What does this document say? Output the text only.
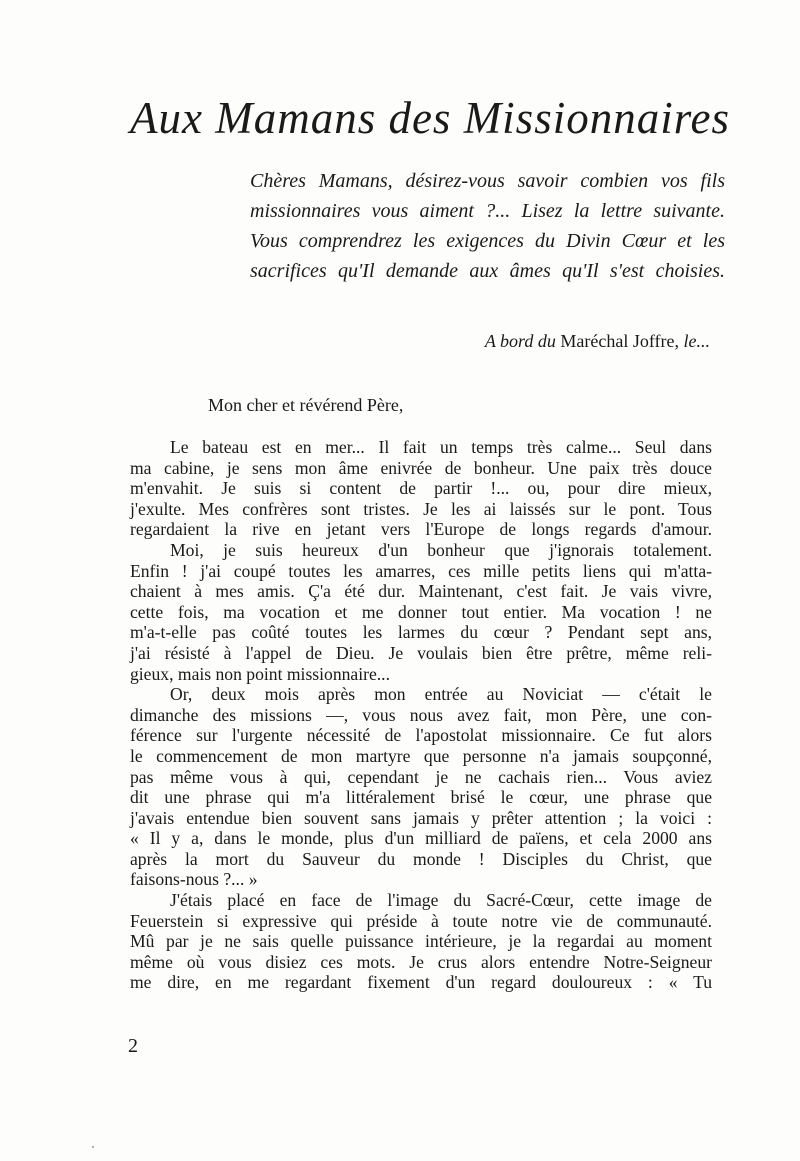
Aux Mamans des Missionnaires
Chères Mamans, désirez-vous savoir combien vos fils
missionnaires vous aiment ?... Lisez la lettre suivante.
Vous comprendrez les exigences du Divin Cœur et les
sacrifices qu'Il demande aux âmes qu'Il s'est choisies.
A bord du Maréchal Joffre, le...
Mon cher et révérend Père,

Le bateau est en mer... Il fait un temps très calme... Seul dans
ma cabine, je sens mon âme enivrée de bonheur. Une paix très douce
m'envahit. Je suis si content de partir !... ou, pour dire mieux,
j'exulte. Mes confrères sont tristes. Je les ai laissés sur le pont. Tous
regardaient la rive en jetant vers l'Europe de longs regards d'amour.

Moi, je suis heureux d'un bonheur que j'ignorais totalement.
Enfin ! j'ai coupé toutes les amarres, ces mille petits liens qui m'atta-
chaient à mes amis. Ç'a été dur. Maintenant, c'est fait. Je vais vivre,
cette fois, ma vocation et me donner tout entier. Ma vocation ! ne
m'a-t-elle pas coûté toutes les larmes du cœur ? Pendant sept ans,
j'ai résisté à l'appel de Dieu. Je voulais bien être prêtre, même reli-
gieux, mais non point missionnaire...

Or, deux mois après mon entrée au Noviciat — c'était le
dimanche des missions —, vous nous avez fait, mon Père, une con-
férence sur l'urgente nécessité de l'apostolat missionnaire. Ce fut alors
le commencement de mon martyre que personne n'a jamais soupçonné,
pas même vous à qui, cependant je ne cachais rien... Vous aviez
dit une phrase qui m'a littéralement brisé le cœur, une phrase que
j'avais entendue bien souvent sans jamais y prêter attention ; la voici :
« Il y a, dans le monde, plus d'un milliard de païens, et cela 2000 ans
après la mort du Sauveur du monde ! Disciples du Christ, que
faisons-nous ?... »

J'étais placé en face de l'image du Sacré-Cœur, cette image de
Feuerstein si expressive qui préside à toute notre vie de communauté.
Mû par je ne sais quelle puissance intérieure, je la regardai au moment
même où vous disiez ces mots. Je crus alors entendre Notre-Seigneur
me dire, en me regardant fixement d'un regard douloureux : « Tu

2
